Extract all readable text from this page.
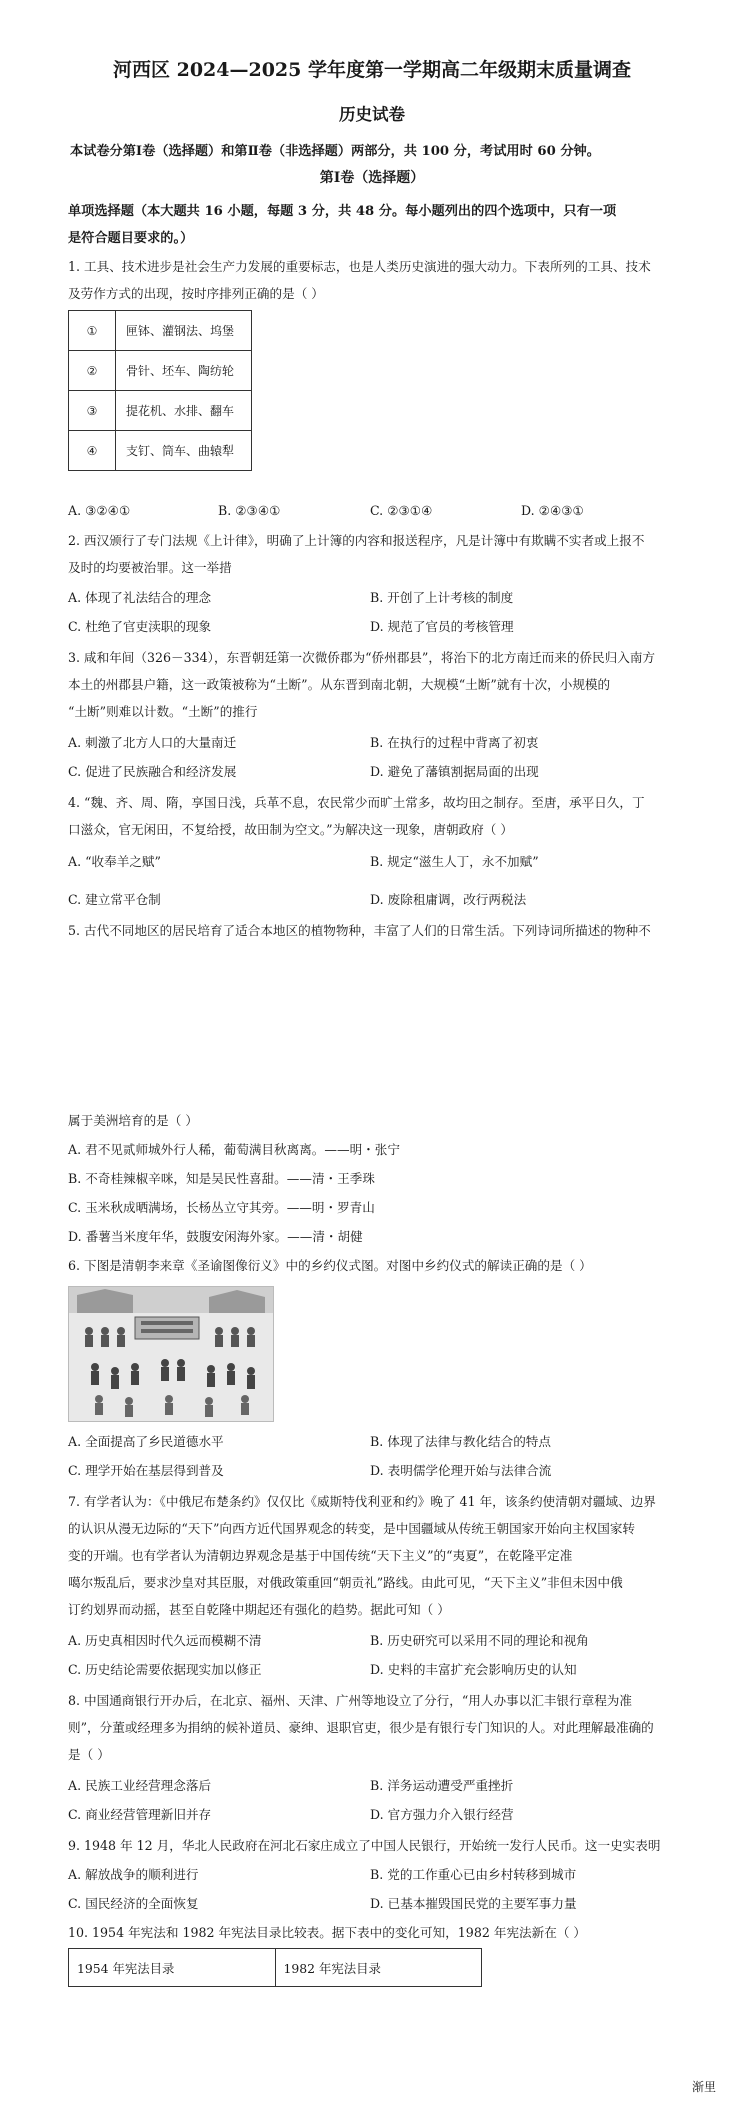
河西区 2024—2025 学年度第一学期高二年级期末质量调查
历史试卷
本试卷分第Ⅰ卷（选择题）和第Ⅱ卷（非选择题）两部分，共 100 分，考试用时 60 分钟。
第Ⅰ卷（选择题）
单项选择题（本大题共 16 小题，每题 3 分，共 48 分。每小题列出的四个选项中，只有一项
是符合题目要求的。）
1. 工具、技术进步是社会生产力发展的重要标志，也是人类历史演进的强大动力。下表所列的工具、技术
及劳作方式的出现，按时序排列正确的是（ ）
①	匣钵、灌钢法、坞堡
②	骨针、坯车、陶纺轮
③	提花机、水排、翻车
④	支钉、筒车、曲辕犁
A. ③②④①	B. ②③④①	C. ②③①④	D. ②④③①
2. 西汉颁行了专门法规《上计律》，明确了上计簿的内容和报送程序，凡是计簿中有欺瞒不实者或上报不
及时的均要被治罪。这一举措
A. 体现了礼法结合的理念	B. 开创了上计考核的制度
C. 杜绝了官吏渎职的现象	D. 规范了官员的考核管理
3. 咸和年间（326－334），东晋朝廷第一次微侨郡为“侨州郡县”，将治下的北方南迁而来的侨民归入南方
本土的州郡县户籍，这一政策被称为“土断”。从东晋到南北朝，大规模“土断”就有十次，小规模的
“土断”则难以计数。“土断”的推行
A. 刺激了北方人口的大量南迁	B. 在执行的过程中背离了初衷
C. 促进了民族融合和经济发展	D. 避免了藩镇割据局面的出现
4. “魏、齐、周、隋，享国日浅，兵革不息，农民常少而旷土常多，故均田之制存。至唐，承平日久，丁
口滋众，官无闲田，不复给授，故田制为空文。”为解决这一现象，唐朝政府（ ）
A. “收奉羊之赋”	B. 规定“滋生人丁，永不加赋”
C. 建立常平仓制	D. 废除租庸调，改行两税法
5. 古代不同地区的居民培育了适合本地区的植物物种，丰富了人们的日常生活。下列诗词所描述的物种不
属于美洲培育的是（ ）
A. 君不见贰师城外行人稀，葡萄满目秋离离。——明・张宁
B. 不奇桂辣椒辛咪，知是吴民性喜甜。——清・王季珠
C. 玉米秋成晒满场，长杨丛立守其旁。——明・罗青山
D. 番薯当米度年华，鼓腹安闲海外家。——清・胡健
6. 下图是清朝李来章《圣谕图像衍义》中的乡约仪式图。对图中乡约仪式的解读正确的是（ ）
A. 全面提高了乡民道德水平	B. 体现了法律与教化结合的特点
C. 理学开始在基层得到普及	D. 表明儒学伦理开始与法律合流
7. 有学者认为：《中俄尼布楚条约》仅仅比《威斯特伐利亚和约》晚了 41 年，该条约使清朝对疆域、边界
的认识从漫无边际的“天下”向西方近代国界观念的转变，是中国疆域从传统王朝国家开始向主权国家转
变的开端。也有学者认为清朝边界观念是基于中国传统“天下主义”的“夷夏”，在乾隆平定准
噶尔叛乱后，要求沙皇对其臣服，对俄政策重回“朝贡礼”路线。由此可见，“天下主义”非但未因中俄
订约划界而动摇，甚至自乾隆中期起还有强化的趋势。据此可知（ ）
A. 历史真相因时代久远而模糊不清	B. 历史研究可以采用不同的理论和视角
C. 历史结论需要依据现实加以修正	D. 史料的丰富扩充会影响历史的认知
8. 中国通商银行开办后，在北京、福州、天津、广州等地设立了分行，“用人办事以汇丰银行章程为准
则”，分董或经理多为捐纳的候补道员、豪绅、退职官吏，很少是有银行专门知识的人。对此理解最准确的
是（ ）
A. 民族工业经营理念落后	B. 洋务运动遭受严重挫折
C. 商业经营管理新旧并存	D. 官方强力介入银行经营
9. 1948 年 12 月，华北人民政府在河北石家庄成立了中国人民银行，开始统一发行人民币。这一史实表明
A. 解放战争的顺利进行	B. 党的工作重心已由乡村转移到城市
C. 国民经济的全面恢复	D. 已基本摧毁国民党的主要军事力量
10. 1954 年宪法和 1982 年宪法目录比较表。据下表中的变化可知，1982 年宪法新在（ ）
1954 年宪法目录	1982 年宪法目录
渐里
